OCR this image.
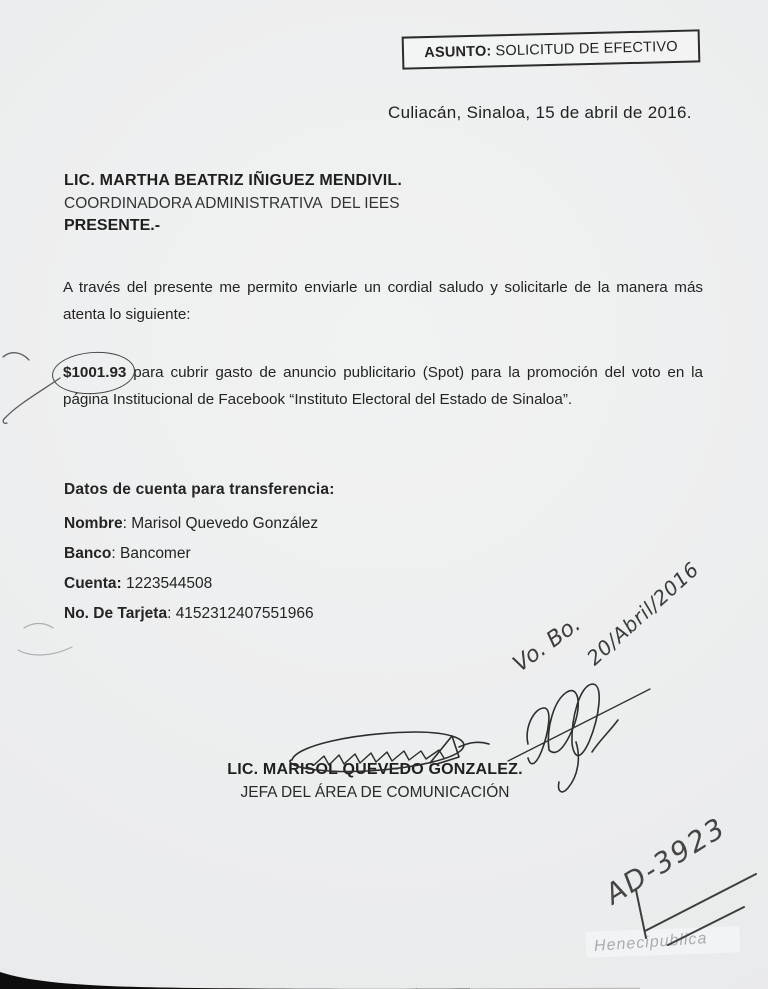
ASUNTO: SOLICITUD DE EFECTIVO
Culiacán, Sinaloa, 15 de abril de 2016.
LIC. MARTHA BEATRIZ IÑIGUEZ MENDIVIL.
COORDINADORA ADMINISTRATIVA  DEL IEES
PRESENTE.-
A través del presente me permito enviarle un cordial saludo y solicitarle de la manera más
atenta lo siguiente:
$1001.93
para cubrir gasto de anuncio publicitario (Spot) para la promoción del voto en la
página Institucional de Facebook “Instituto Electoral del Estado de Sinaloa”.
Datos de cuenta para transferencia:
Nombre: Marisol Quevedo González
Banco: Bancomer
Cuenta: 1223544508
No. De Tarjeta: 4152312407551966	Vo. Bo.
20/Abril/2016
LIC. MARISOL QUEVEDO GONZALEZ.
JEFA DEL ÁREA DE COMUNICACIÓN
AD-3923
Henecipublica
